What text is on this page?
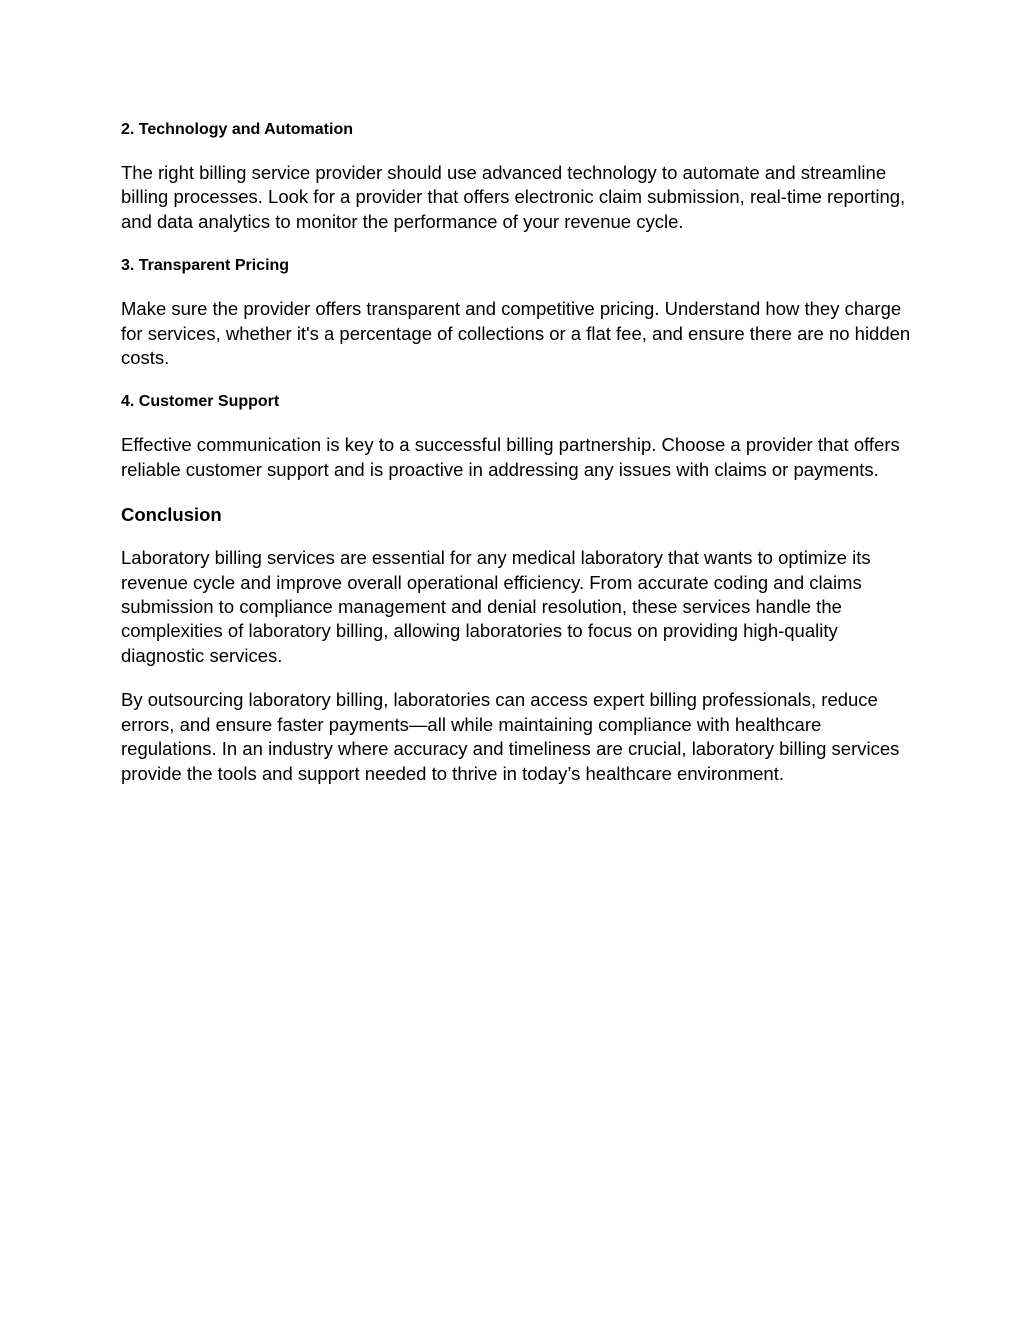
2. Technology and Automation

The right billing service provider should use advanced technology to automate and streamline billing processes. Look for a provider that offers electronic claim submission, real-time reporting, and data analytics to monitor the performance of your revenue cycle.

3. Transparent Pricing

Make sure the provider offers transparent and competitive pricing. Understand how they charge for services, whether it's a percentage of collections or a flat fee, and ensure there are no hidden costs.

4. Customer Support

Effective communication is key to a successful billing partnership. Choose a provider that offers reliable customer support and is proactive in addressing any issues with claims or payments.

Conclusion

Laboratory billing services are essential for any medical laboratory that wants to optimize its revenue cycle and improve overall operational efficiency. From accurate coding and claims submission to compliance management and denial resolution, these services handle the complexities of laboratory billing, allowing laboratories to focus on providing high-quality diagnostic services.

By outsourcing laboratory billing, laboratories can access expert billing professionals, reduce errors, and ensure faster payments—all while maintaining compliance with healthcare regulations. In an industry where accuracy and timeliness are crucial, laboratory billing services provide the tools and support needed to thrive in today’s healthcare environment.
